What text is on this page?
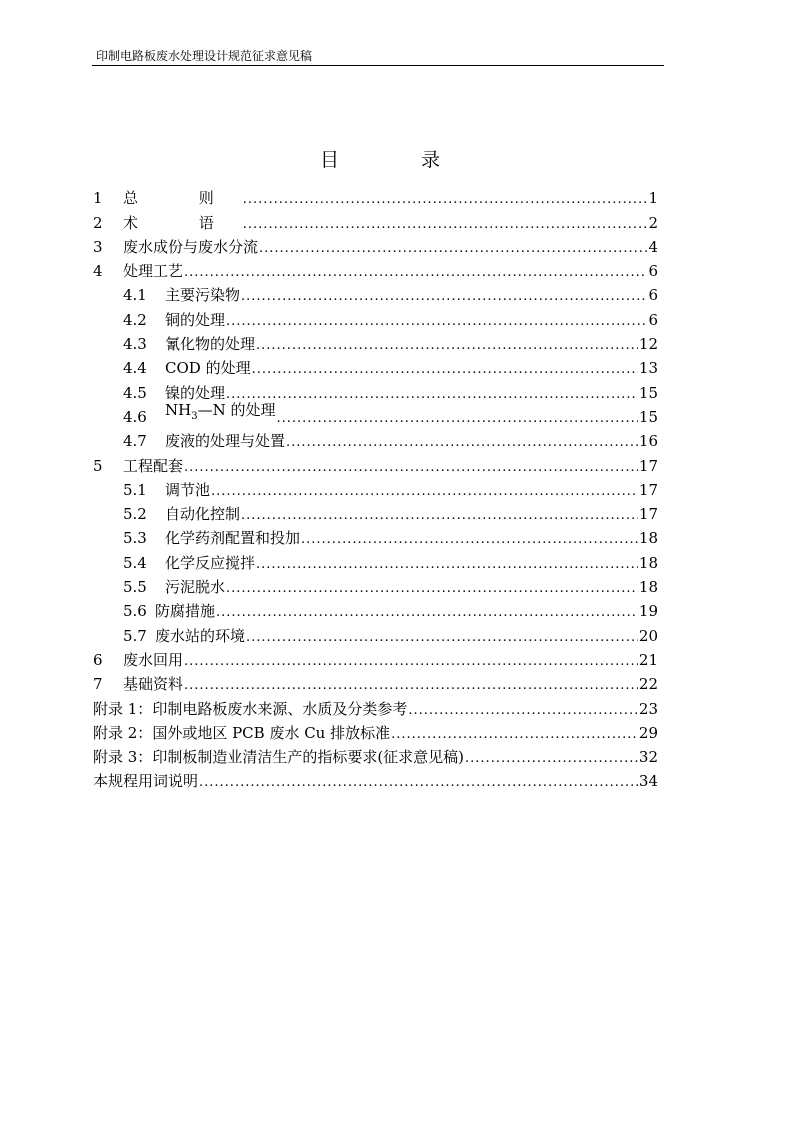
印制电路板废水处理设计规范征求意见稿
目 录
1	总 则 .....	1
2	术 语 .....	2
3	废水成份与废水分流 .....	4
4	处理工艺 .....	6
4.1	主要污染物 .....	6
4.2	铜的处理 .....	6
4.3	氰化物的处理 .....	12
4.4	COD 的处理 .....	13
4.5	镍的处理 .....	15
4.6	$NH_3—N$ 的处理 .....	15
4.7	废液的处理与处置 .....	16
5	工程配套 .....	17
5.1	调节池 .....	17
5.2	自动化控制 .....	17
5.3	化学药剂配置和投加 .....	18
5.4	化学反应搅拌 .....	18
5.5	污泥脱水 .....	18
5.6 防腐措施 .....	19
5.7 废水站的环境 .....	20
6	废水回用 .....	21
7	基础资料 .....	22
附录 1： 印制电路板废水来源、水质及分类参考 .....	23
附录 2： 国外或地区 PCB 废水 Cu 排放标准 .....	29
附录 3： 印制板制造业清洁生产的指标要求(征求意见稿) .....	32
本规程用词说明 .....	34
